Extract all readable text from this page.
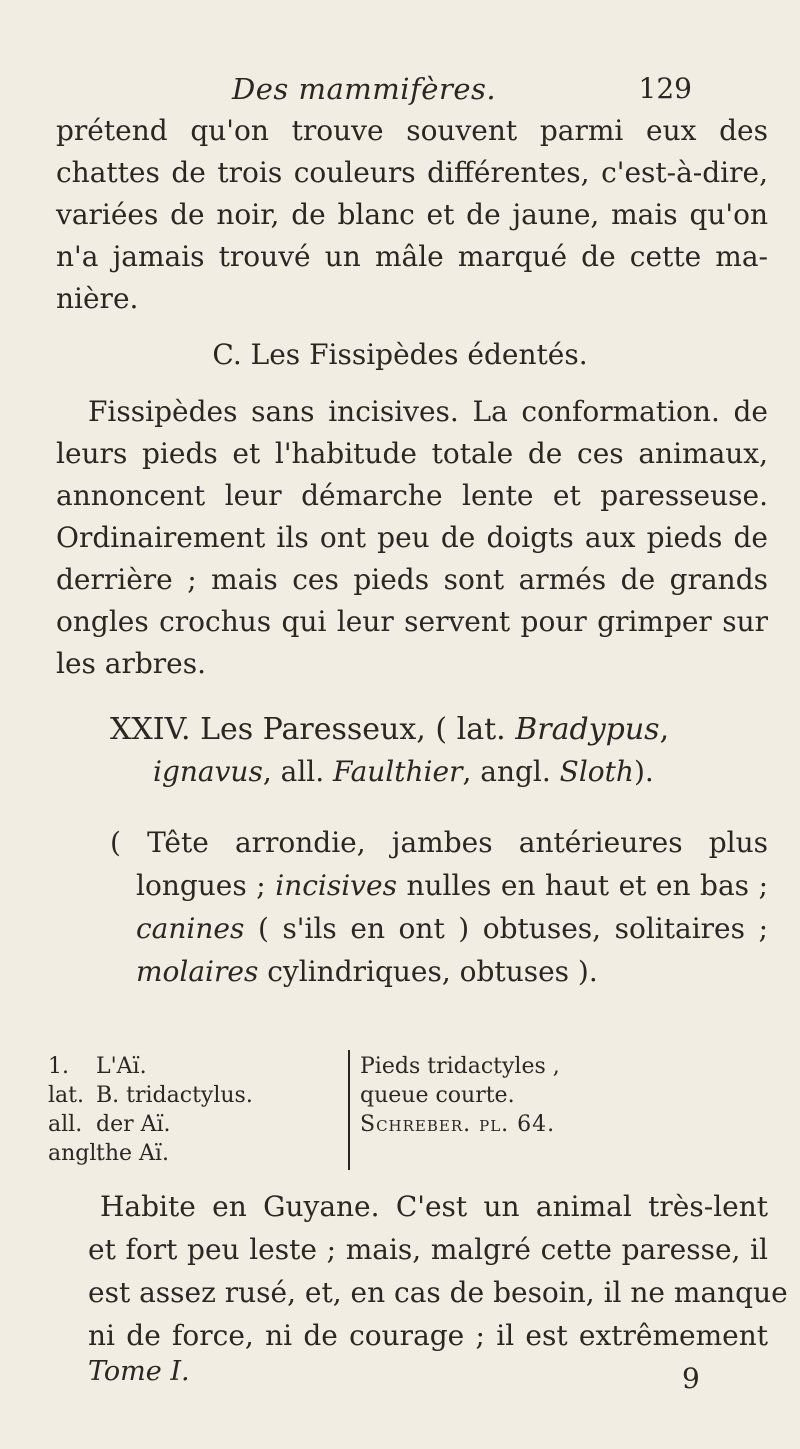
Des mammifères.	129
prétend qu'on trouve souvent parmi eux des
chattes de trois couleurs différentes, c'est-à-dire,
variées de noir, de blanc et de jaune, mais qu'on
n'a jamais trouvé un mâle marqué de cette ma-
nière.
C. Les Fissipèdes édentés.
Fissipèdes sans incisives. La conformation. de
leurs pieds et l'habitude totale de ces animaux,
annoncent leur démarche lente et paresseuse.
Ordinairement ils ont peu de doigts aux pieds de
derrière ; mais ces pieds sont armés de grands
ongles crochus qui leur servent pour grimper sur
les arbres.
XXIV. Les Paresseux, ( lat. Bradypus,
ignavus, all. Faulthier, angl. Sloth).
( Tête arrondie, jambes antérieures plus
longues ; incisives nulles en haut et en bas ;
canines ( s'ils en ont ) obtuses, solitaires ;
molaires cylindriques, obtuses ).
1. L'Aï.
lat. B. tridactylus.
all. der Aï.
angl.the Aï.
Pieds tridactyles ,
queue courte.
Schreber. pl. 64.
Habite en Guyane. C'est un animal très-lent
et fort peu leste ; mais, malgré cette paresse, il
est assez rusé, et, en cas de besoin, il ne manque
ni de force, ni de courage ; il est extrêmement
Tome I.	9
